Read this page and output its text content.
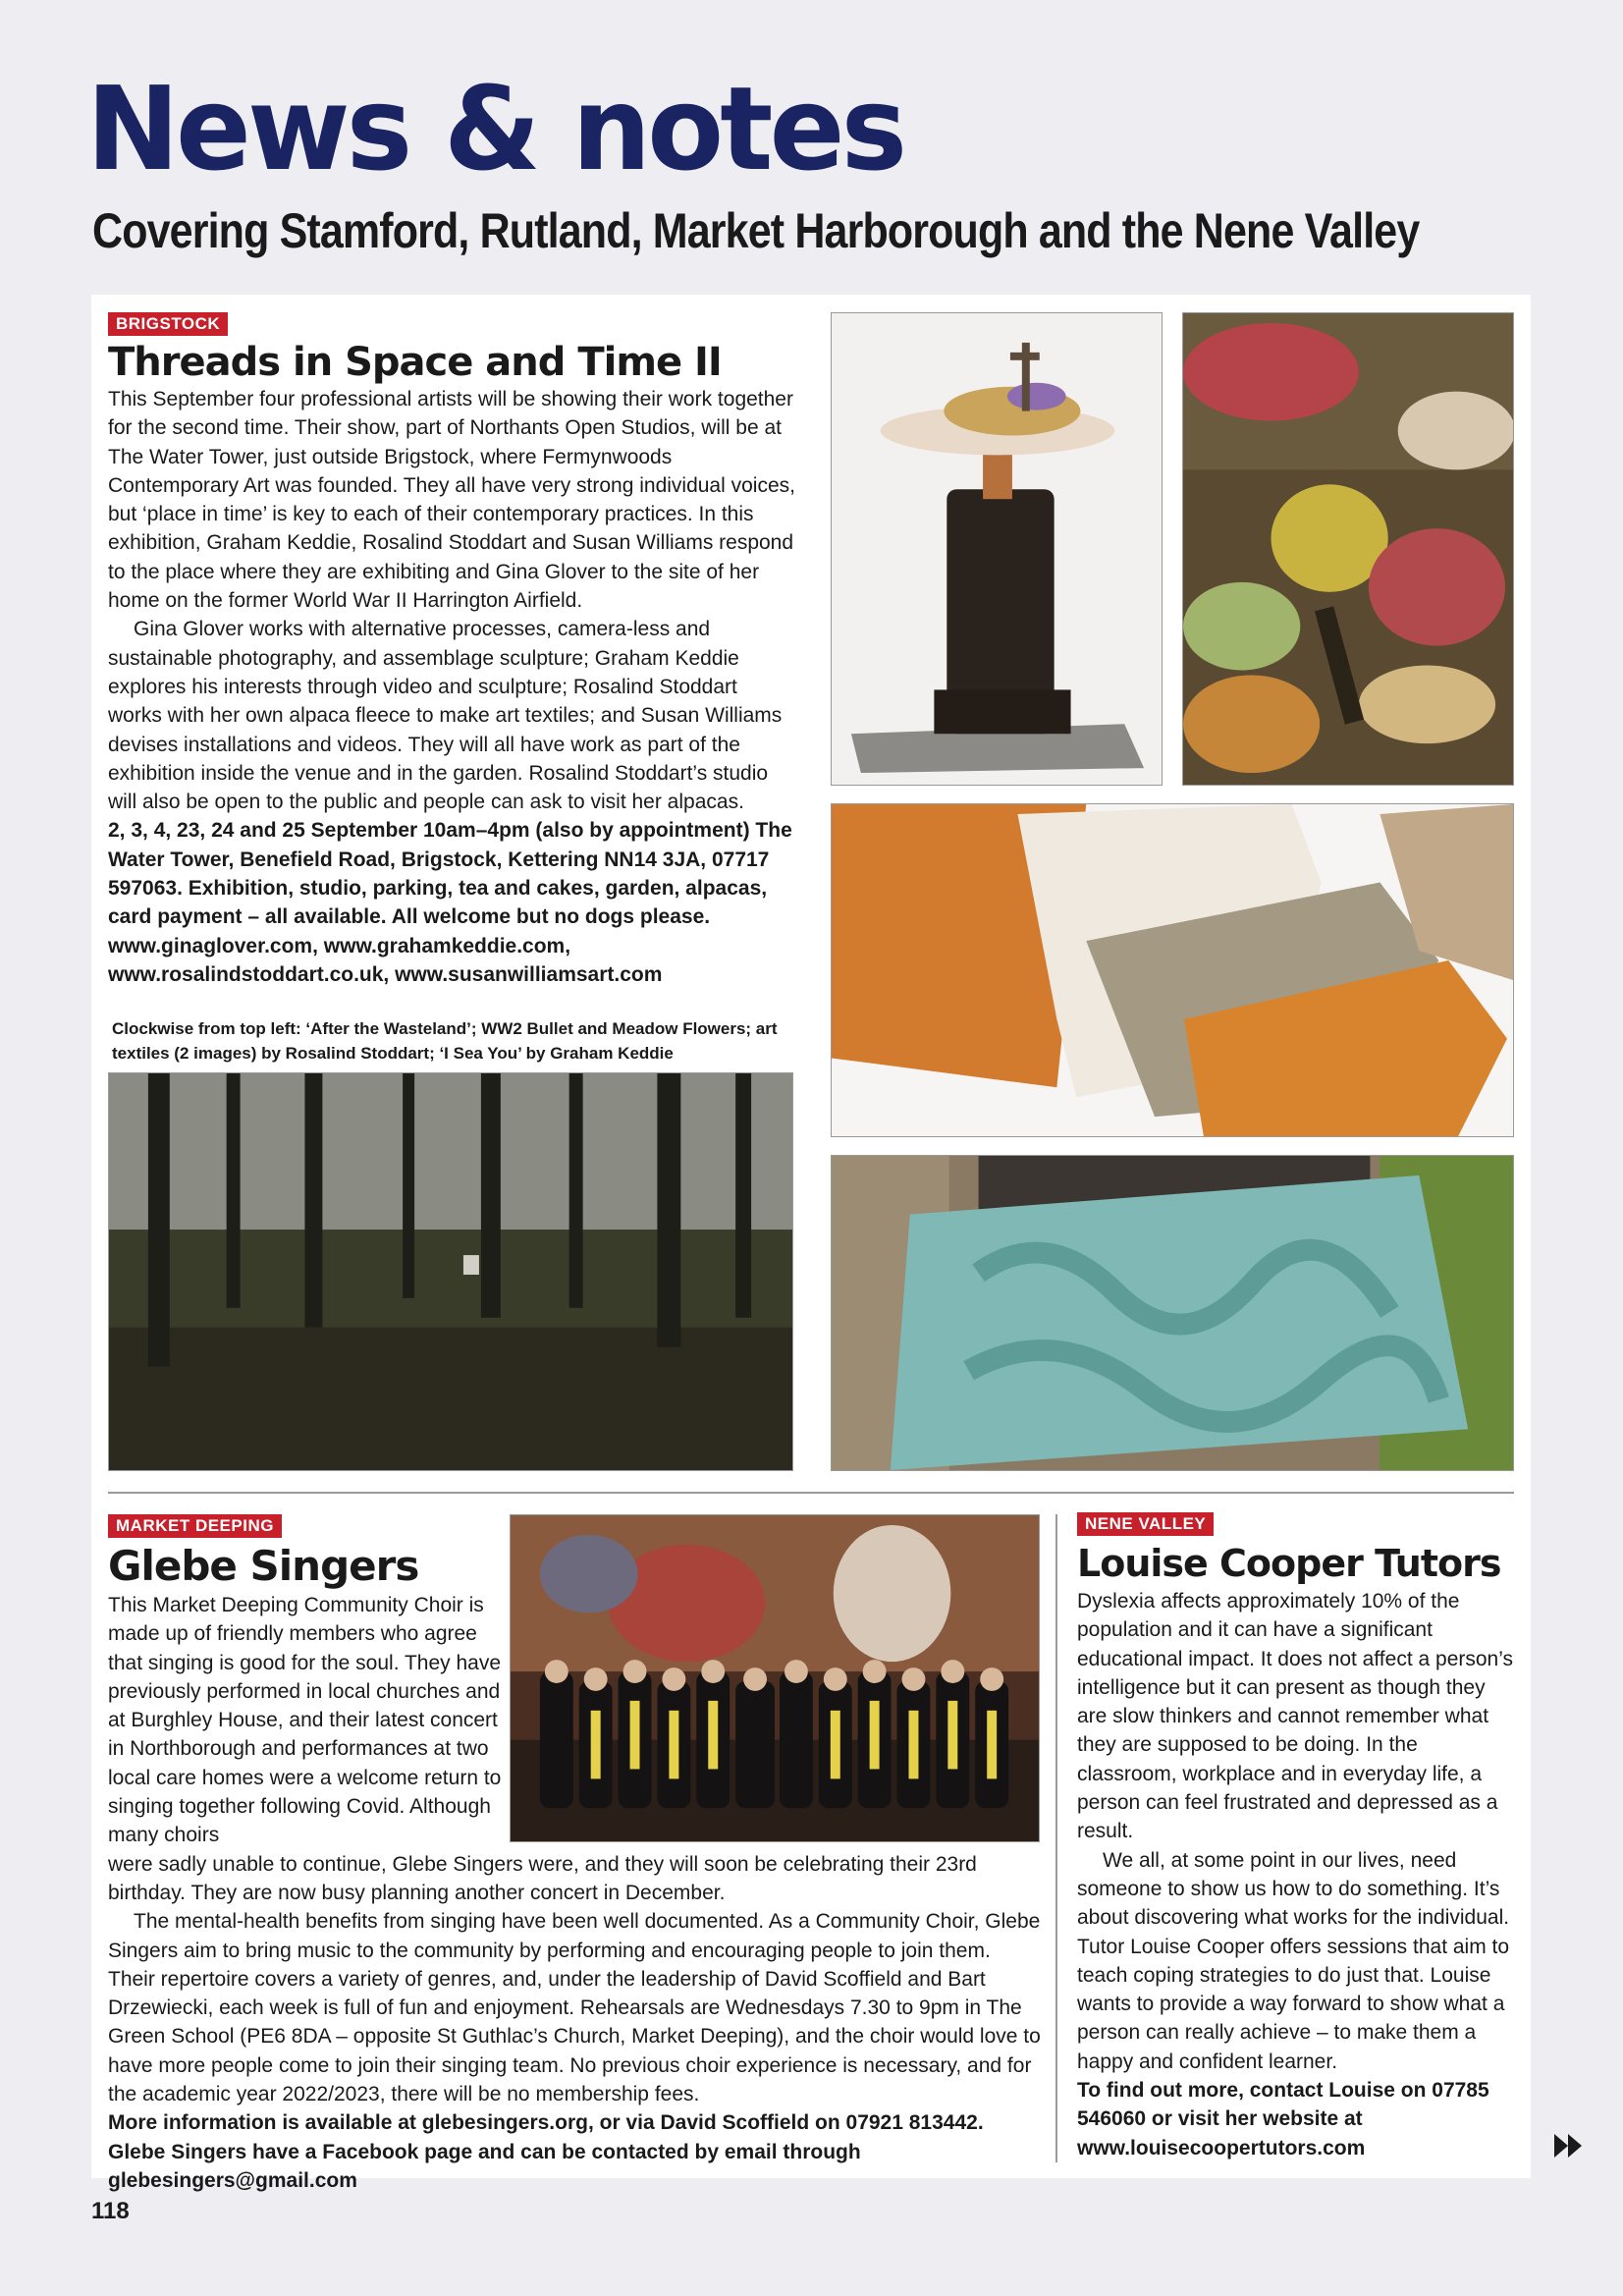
News & notes
Covering Stamford, Rutland, Market Harborough and the Nene Valley
BRIGSTOCK
Threads in Space and Time II

This September four professional artists will be showing their work together for the second time. Their show, part of Northants Open Studios, will be at The Water Tower, just outside Brigstock, where Fermynwoods Contemporary Art was founded. They all have very strong individual voices, but ‘place in time’ is key to each of their contemporary practices. In this exhibition, Graham Keddie, Rosalind Stoddart and Susan Williams respond to the place where they are exhibiting and Gina Glover to the site of her home on the former World War II Harrington Airfield.

Gina Glover works with alternative processes, camera-less and sustainable photography, and assemblage sculpture; Graham Keddie explores his interests through video and sculpture; Rosalind Stoddart works with her own alpaca fleece to make art textiles; and Susan Williams devises installations and videos. They will all have work as part of the exhibition inside the venue and in the garden. Rosalind Stoddart’s studio will also be open to the public and people can ask to visit her alpacas.

2, 3, 4, 23, 24 and 25 September 10am–4pm (also by appointment) The Water Tower, Benefield Road, Brigstock, Kettering NN14 3JA, 07717 597063. Exhibition, studio, parking, tea and cakes, garden, alpacas, card payment – all available. All welcome but no dogs please. www.ginaglover.com, www.grahamkeddie.com, www.rosalindstoddart.co.uk, www.susanwilliamsart.com

Clockwise from top left: ‘After the Wasteland’; WW2 Bullet and Meadow Flowers; art textiles (2 images) by Rosalind Stoddart; ‘I Sea You’ by Graham Keddie

MARKET DEEPING
Glebe Singers

This Market Deeping Community Choir is made up of friendly members who agree that singing is good for the soul. They have previously performed in local churches and at Burghley House, and their latest concert in Northborough and performances at two local care homes were a welcome return to singing together following Covid. Although many choirs

were sadly unable to continue, Glebe Singers were, and they will soon be celebrating their 23rd birthday. They are now busy planning another concert in December.

The mental-health benefits from singing have been well documented. As a Community Choir, Glebe Singers aim to bring music to the community by performing and encouraging people to join them. Their repertoire covers a variety of genres, and, under the leadership of David Scoffield and Bart Drzewiecki, each week is full of fun and enjoyment. Rehearsals are Wednesdays 7.30 to 9pm in The Green School (PE6 8DA – opposite St Guthlac’s Church, Market Deeping), and the choir would love to have more people come to join their singing team. No previous choir experience is necessary, and for the academic year 2022/2023, there will be no membership fees.

More information is available at glebesingers.org, or via David Scoffield on 07921 813442. Glebe Singers have a Facebook page and can be contacted by email through glebesingers@gmail.com

NENE VALLEY
Louise Cooper Tutors

Dyslexia affects approximately 10% of the population and it can have a significant educational impact. It does not affect a person’s intelligence but it can present as though they are slow thinkers and cannot remember what they are supposed to be doing. In the classroom, workplace and in everyday life, a person can feel frustrated and depressed as a result.

We all, at some point in our lives, need someone to show us how to do something. It’s about discovering what works for the individual. Tutor Louise Cooper offers sessions that aim to teach coping strategies to do just that. Louise wants to provide a way forward to show what a person can really achieve – to make them a happy and confident learner.

To find out more, contact Louise on 07785 546060 or visit her website at www.louisecoopertutors.com

118
